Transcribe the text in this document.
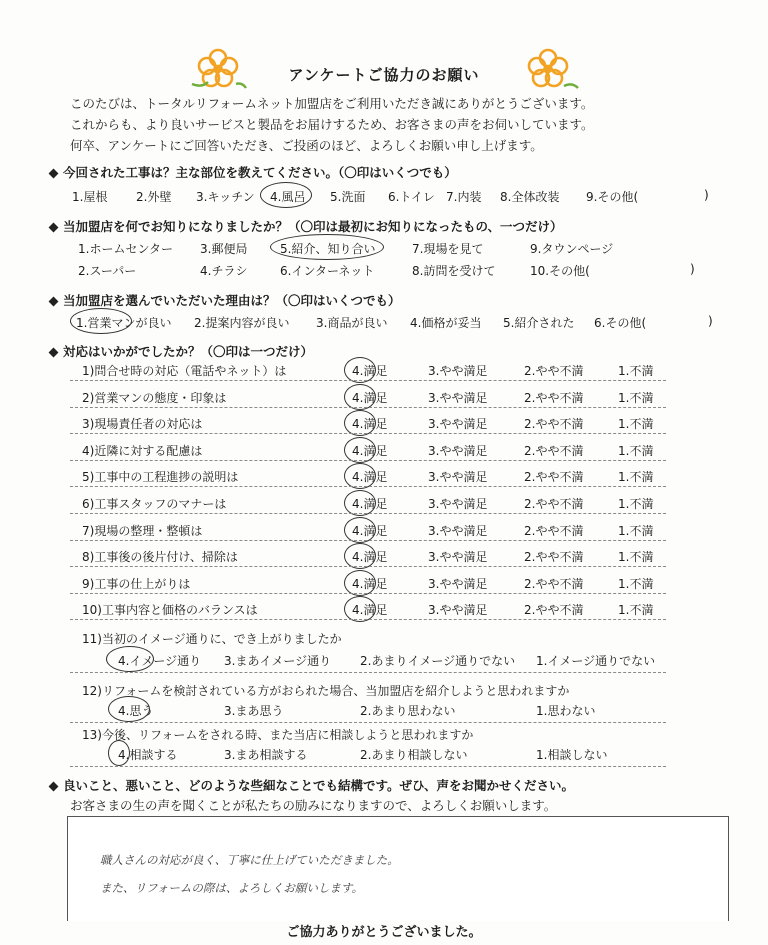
アンケートご協力のお願い
このたびは、トータルリフォームネット加盟店をご利用いただき誠にありがとうございます。
これからも、より良いサービスと製品をお届けするため、お客さまの声をお伺いしています。
何卒、アンケートにご回答いただき、ご投函のほど、よろしくお願い申し上げます。
今回された工事は？主な部位を教えてください。（〇印はいくつでも）
1.屋根 2.外壁 3.キッチン 4.風呂 5.洗面 6.トイレ 7.内装 8.全体改装 9.その他(	)
当加盟店を何でお知りになりましたか？（〇印は最初にお知りになったもの、一つだけ）
1.ホームセンター 3.郵便局	5.紹介、知り合い	7.現場を見て	9.タウンページ
2.スーパー	4.チラシ	6.インターネット	8.訪問を受けて	10.その他(	)
当加盟店を選んでいただいた理由は？（〇印はいくつでも）
1.営業マンが良い 2.提案内容が良い 3.商品が良い 4.価格が妥当 5.紹介された 6.その他(	)
対応はいかがでしたか？（〇印は一つだけ）
1)問合せ時の対応（電話やネット）は	4.満足	3.やや満足	2.やや不満	1.不満
2)営業マンの態度・印象は	4.満足	3.やや満足	2.やや不満	1.不満
3)現場責任者の対応は	4.満足	3.やや満足	2.やや不満	1.不満
4)近隣に対する配慮は	4.満足	3.やや満足	2.やや不満	1.不満
5)工事中の工程進捗の説明は	4.満足	3.やや満足	2.やや不満	1.不満
6)工事スタッフのマナーは	4.満足	3.やや満足	2.やや不満	1.不満
7)現場の整理・整頓は	4.満足	3.やや満足	2.やや不満	1.不満
8)工事後の後片付け、掃除は	4.満足	3.やや満足	2.やや不満	1.不満
9)工事の仕上がりは	4.満足	3.やや満足	2.やや不満	1.不満
10)工事内容と価格のバランスは	4.満足	3.やや満足	2.やや不満	1.不満
11)当初のイメージ通りに、でき上がりましたか
4.イメージ通り 3.まあイメージ通り 2.あまりイメージ通りでない 1.イメージ通りでない
12)リフォームを検討されている方がおられた場合、当加盟店を紹介しようと思われますか
4.思う	3.まあ思う	2.あまり思わない	1.思わない
13)今後、リフォームをされる時、また当店に相談しようと思われますか
4.相談する	3.まあ相談する	2.あまり相談しない	1.相談しない
良いこと、悪いこと、どのような些細なことでも結構です。ぜひ、声をお聞かせください。
お客さまの生の声を聞くことが私たちの励みになりますので、よろしくお願いします。
職人さんの対応が良く、丁寧に仕上げていただきました。
また、リフォームの際は、よろしくお願いします。
ご協力ありがとうございました。
